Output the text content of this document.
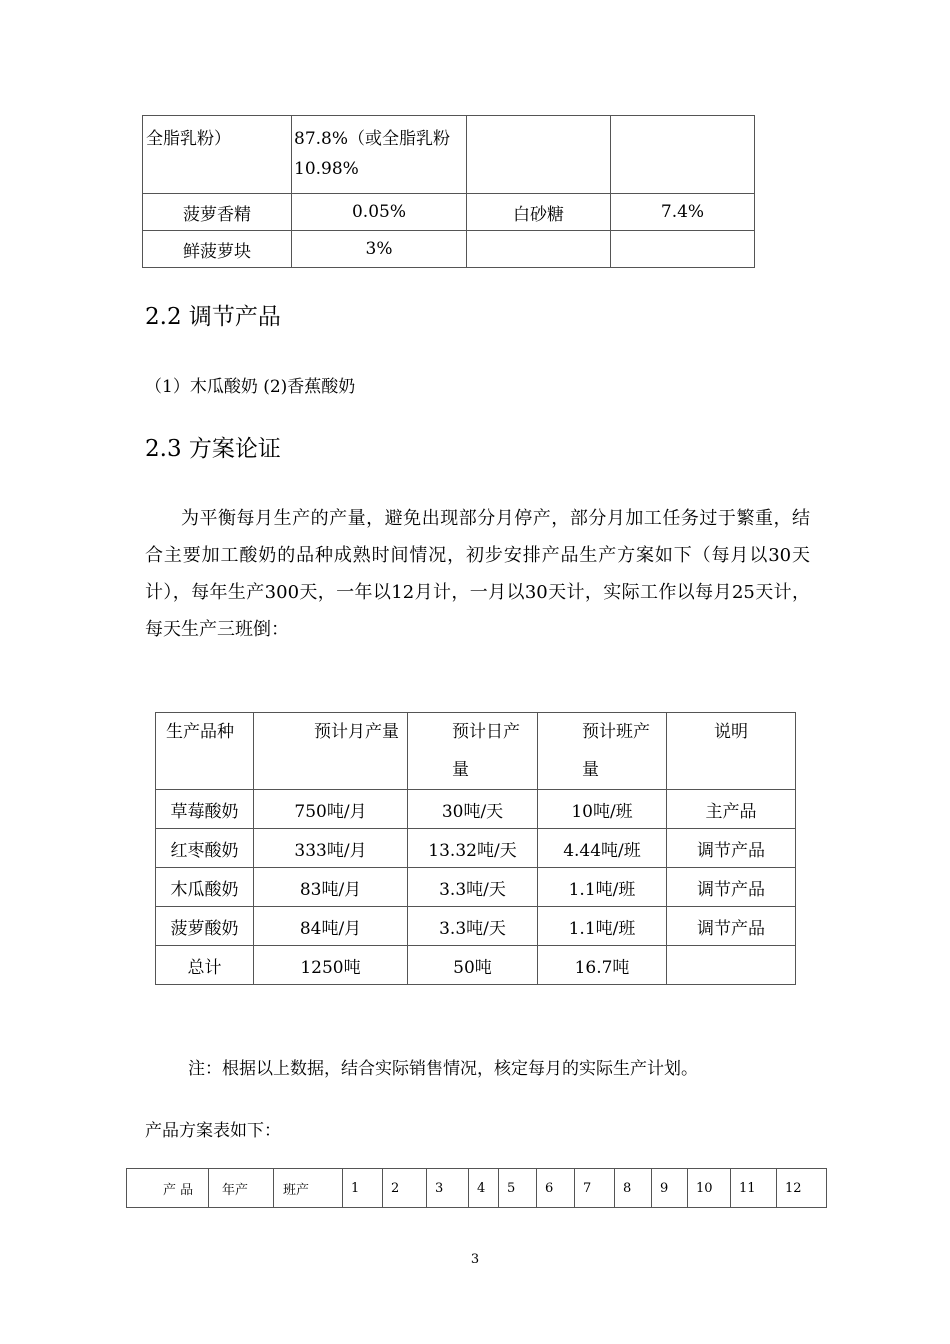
全脂乳粉）	87.8%（或全脂乳粉10.98%		
菠萝香精	0.05%	白砂糖	7.4%
鲜菠萝块	3%		
2.2 调节产品
（1）木瓜酸奶 (2)香蕉酸奶
2.3 方案论证
为平衡每月生产的产量，避免出现部分月停产，部分月加工任务过于繁重，结合主要加工酸奶的品种成熟时间情况，初步安排产品生产方案如下（每月以30天计），每年生产300天，一年以12月计，一月以30天计，实际工作以每月25天计，每天生产三班倒：
生产品种	预计月产量	预计日产量	预计班产量	说明
草莓酸奶	750吨/月	30吨/天	10吨/班	主产品
红枣酸奶	333吨/月	13.32吨/天	4.44吨/班	调节产品
木瓜酸奶	83吨/月	3.3吨/天	1.1吨/班	调节产品
菠萝酸奶	84吨/月	3.3吨/天	1.1吨/班	调节产品
总计	1250吨	50吨	16.7吨	
注：根据以上数据，结合实际销售情况，核定每月的实际生产计划。
产品方案表如下：
产 品	年产	班产	1	2	3	4	5	6	7	8	9	10	11	12
3
